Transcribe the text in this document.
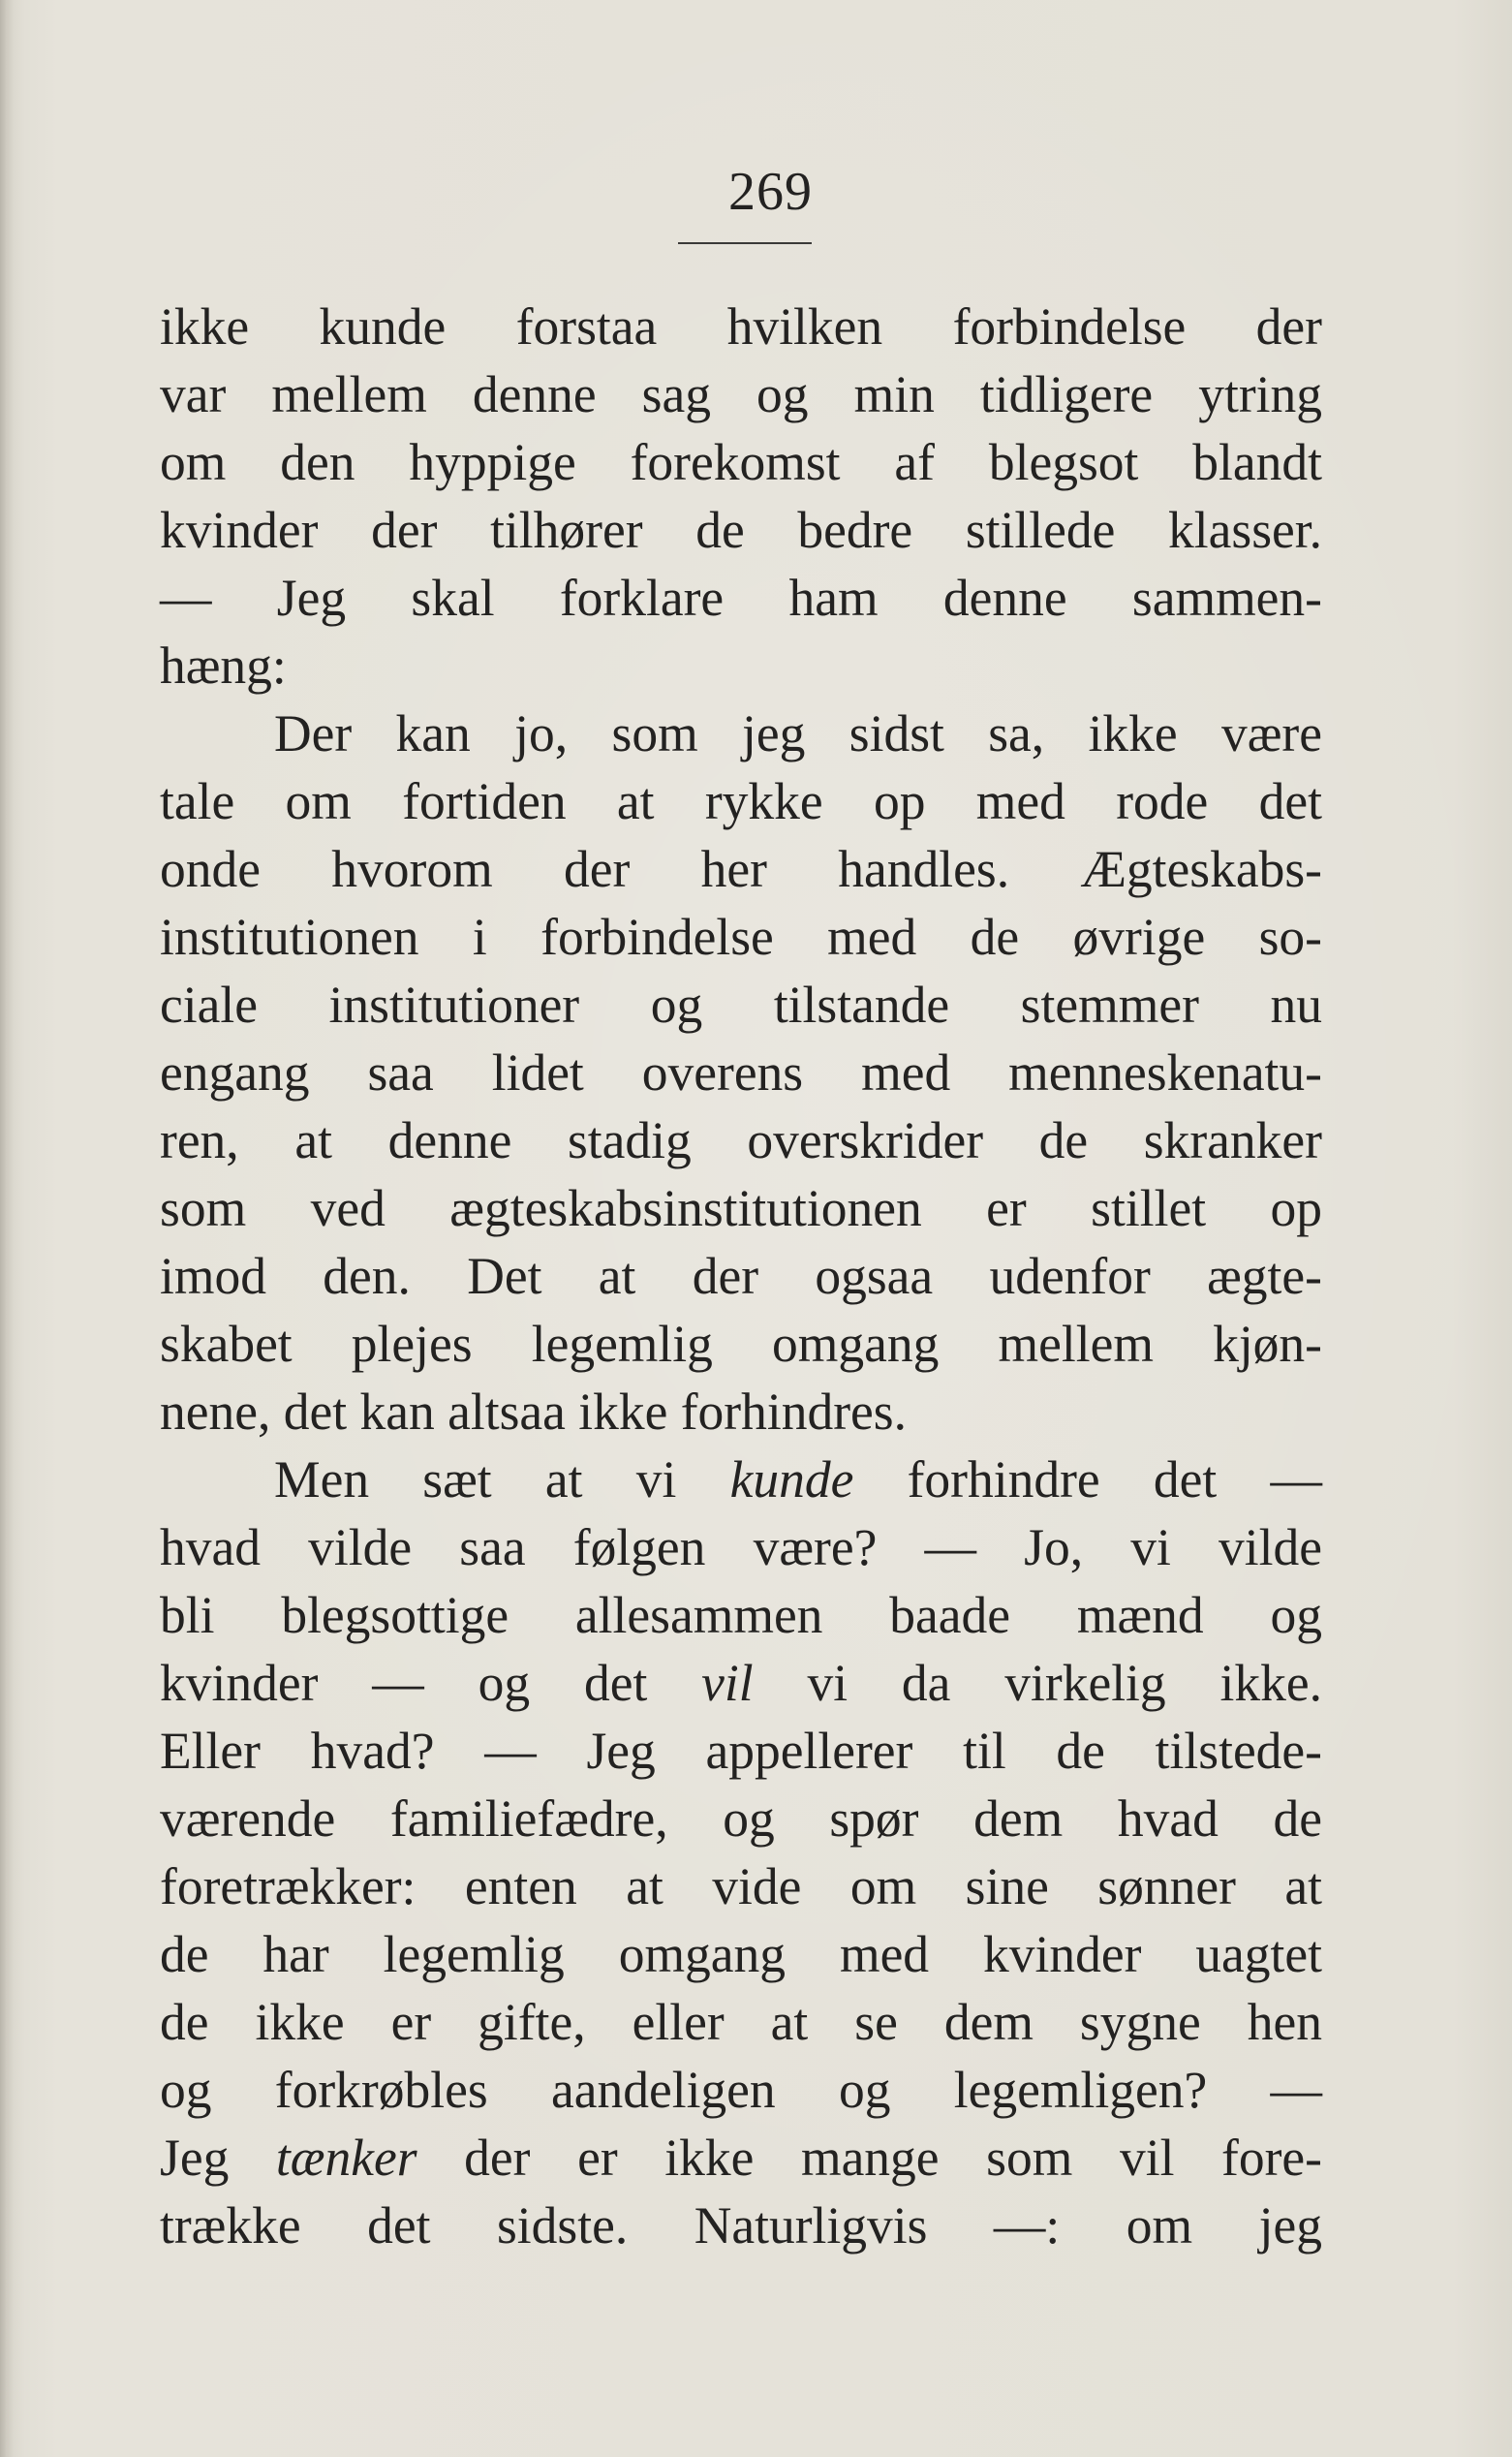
269
ikke kunde forstaa hvilken forbindelse der
var mellem denne sag og min tidligere ytring
om den hyppige forekomst af blegsot blandt
kvinder der tilhører de bedre stillede klasser.
— Jeg skal forklare ham denne sammen-
hæng:
Der kan jo, som jeg sidst sa, ikke være
tale om fortiden at rykke op med rode det
onde hvorom der her handles. Ægteskabs-
institutionen i forbindelse med de øvrige so-
ciale institutioner og tilstande stemmer nu
engang saa lidet overens med menneskenatu-
ren, at denne stadig overskrider de skranker
som ved ægteskabsinstitutionen er stillet op
imod den. Det at der ogsaa udenfor ægte-
skabet plejes legemlig omgang mellem kjøn-
nene, det kan altsaa ikke forhindres.
Men sæt at vi kunde forhindre det —
hvad vilde saa følgen være? — Jo, vi vilde
bli blegsottige allesammen baade mænd og
kvinder — og det vil vi da virkelig ikke.
Eller hvad? — Jeg appellerer til de tilstede-
værende familiefædre, og spør dem hvad de
foretrækker: enten at vide om sine sønner at
de har legemlig omgang med kvinder uagtet
de ikke er gifte, eller at se dem sygne hen
og forkrøbles aandeligen og legemligen? —
Jeg tænker der er ikke mange som vil fore-
trække det sidste. Naturligvis —: om jeg
